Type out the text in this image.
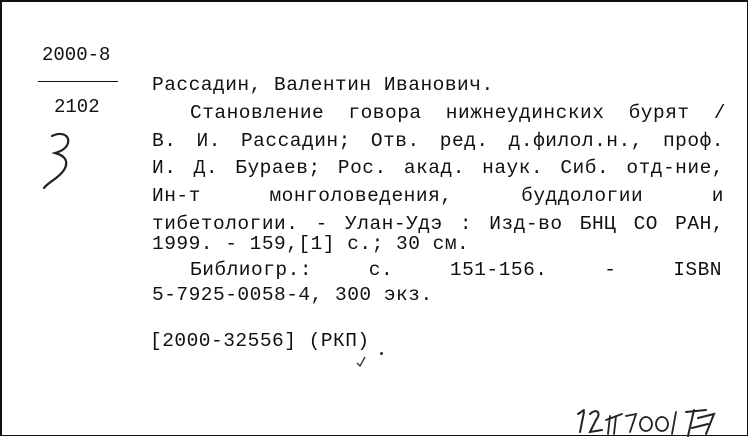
2000-8
2102
Рассадин, Валентин Иванович.
Становление говора нижнеудинских бурят /
В. И. Рассадин; Отв. ред. д.филол.н., проф.
И. Д. Бураев; Рос. акад. наук. Сиб. отд-ние,
Ин-т монголоведения, буддологии и
тибетологии. - Улан-Удэ : Изд-во БНЦ СО РАН,
1999. - 159,[1] с.; 30 см.
Библиогр.: с. 151-156. - ISBN
5-7925-0058-4, 300 экз.
[2000-32556] (РКП)
